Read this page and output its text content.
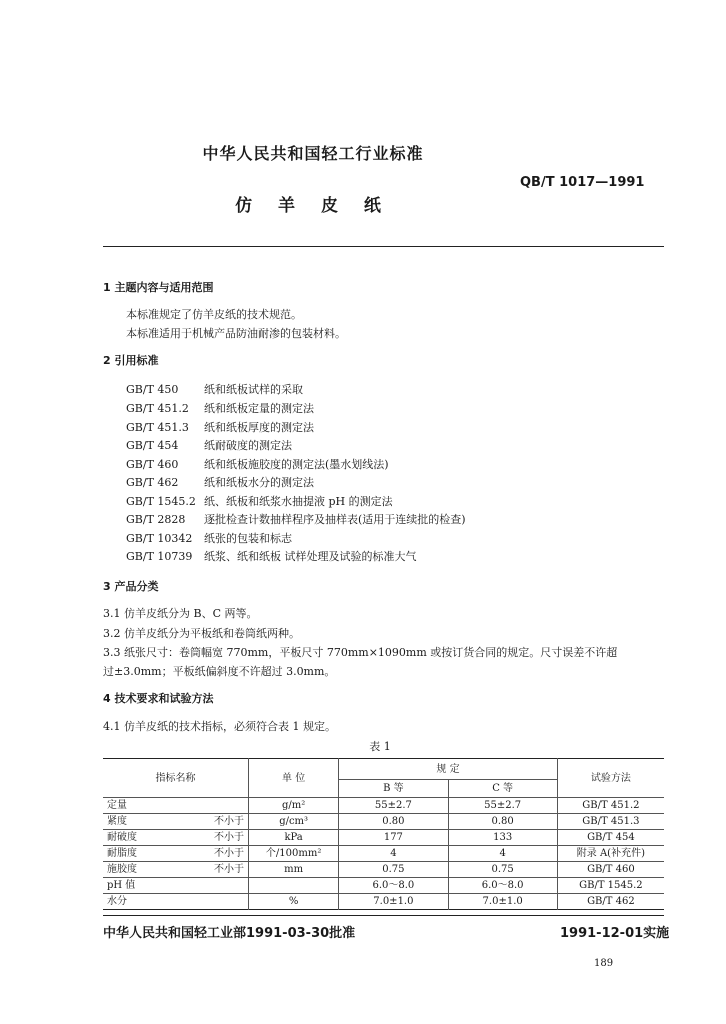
中华人民共和国轻工行业标准
QB/T 1017—1991
仿 羊 皮 纸
1 主题内容与适用范围
本标准规定了仿羊皮纸的技术规范。
本标准适用于机械产品防油耐渗的包装材料。
2 引用标准
GB/T 450 纸和纸板试样的采取
GB/T 451.2 纸和纸板定量的测定法
GB/T 451.3 纸和纸板厚度的测定法
GB/T 454 纸耐破度的测定法
GB/T 460 纸和纸板施胶度的测定法(墨水划线法)
GB/T 462 纸和纸板水分的测定法
GB/T 1545.2 纸、纸板和纸浆水抽提液 pH 的测定法
GB/T 2828 逐批检查计数抽样程序及抽样表(适用于连续批的检查)
GB/T 10342 纸张的包装和标志
GB/T 10739 纸浆、纸和纸板 试样处理及试验的标准大气
3 产品分类
3.1 仿羊皮纸分为 B、C 两等。
3.2 仿羊皮纸分为平板纸和卷筒纸两种。
3.3 纸张尺寸：卷筒幅宽 770mm，平板尺寸 770mm×1090mm 或按订货合同的规定。尺寸误差不许超
过±3.0mm；平板纸偏斜度不许超过 3.0mm。
4 技术要求和试验方法
4.1 仿羊皮纸的技术指标，必须符合表 1 规定。
表 1
指标名称		单 位	规 定		试验方法
			B 等	C 等	
定量		g/m²	55±2.7	55±2.7	GB/T 451.2
紧度	不小于	g/cm³	0.80	0.80	GB/T 451.3
耐破度	不小于	kPa	177	133	GB/T 454
耐脂度	不小于	个/100mm²	4	4	附录 A(补充件)
施胶度	不小于	mm	0.75	0.75	GB/T 460
pH 值			6.0～8.0	6.0～8.0	GB/T 1545.2
水分		%	7.0±1.0	7.0±1.0	GB/T 462
中华人民共和国轻工业部1991-03-30批准	1991-12-01实施
189
